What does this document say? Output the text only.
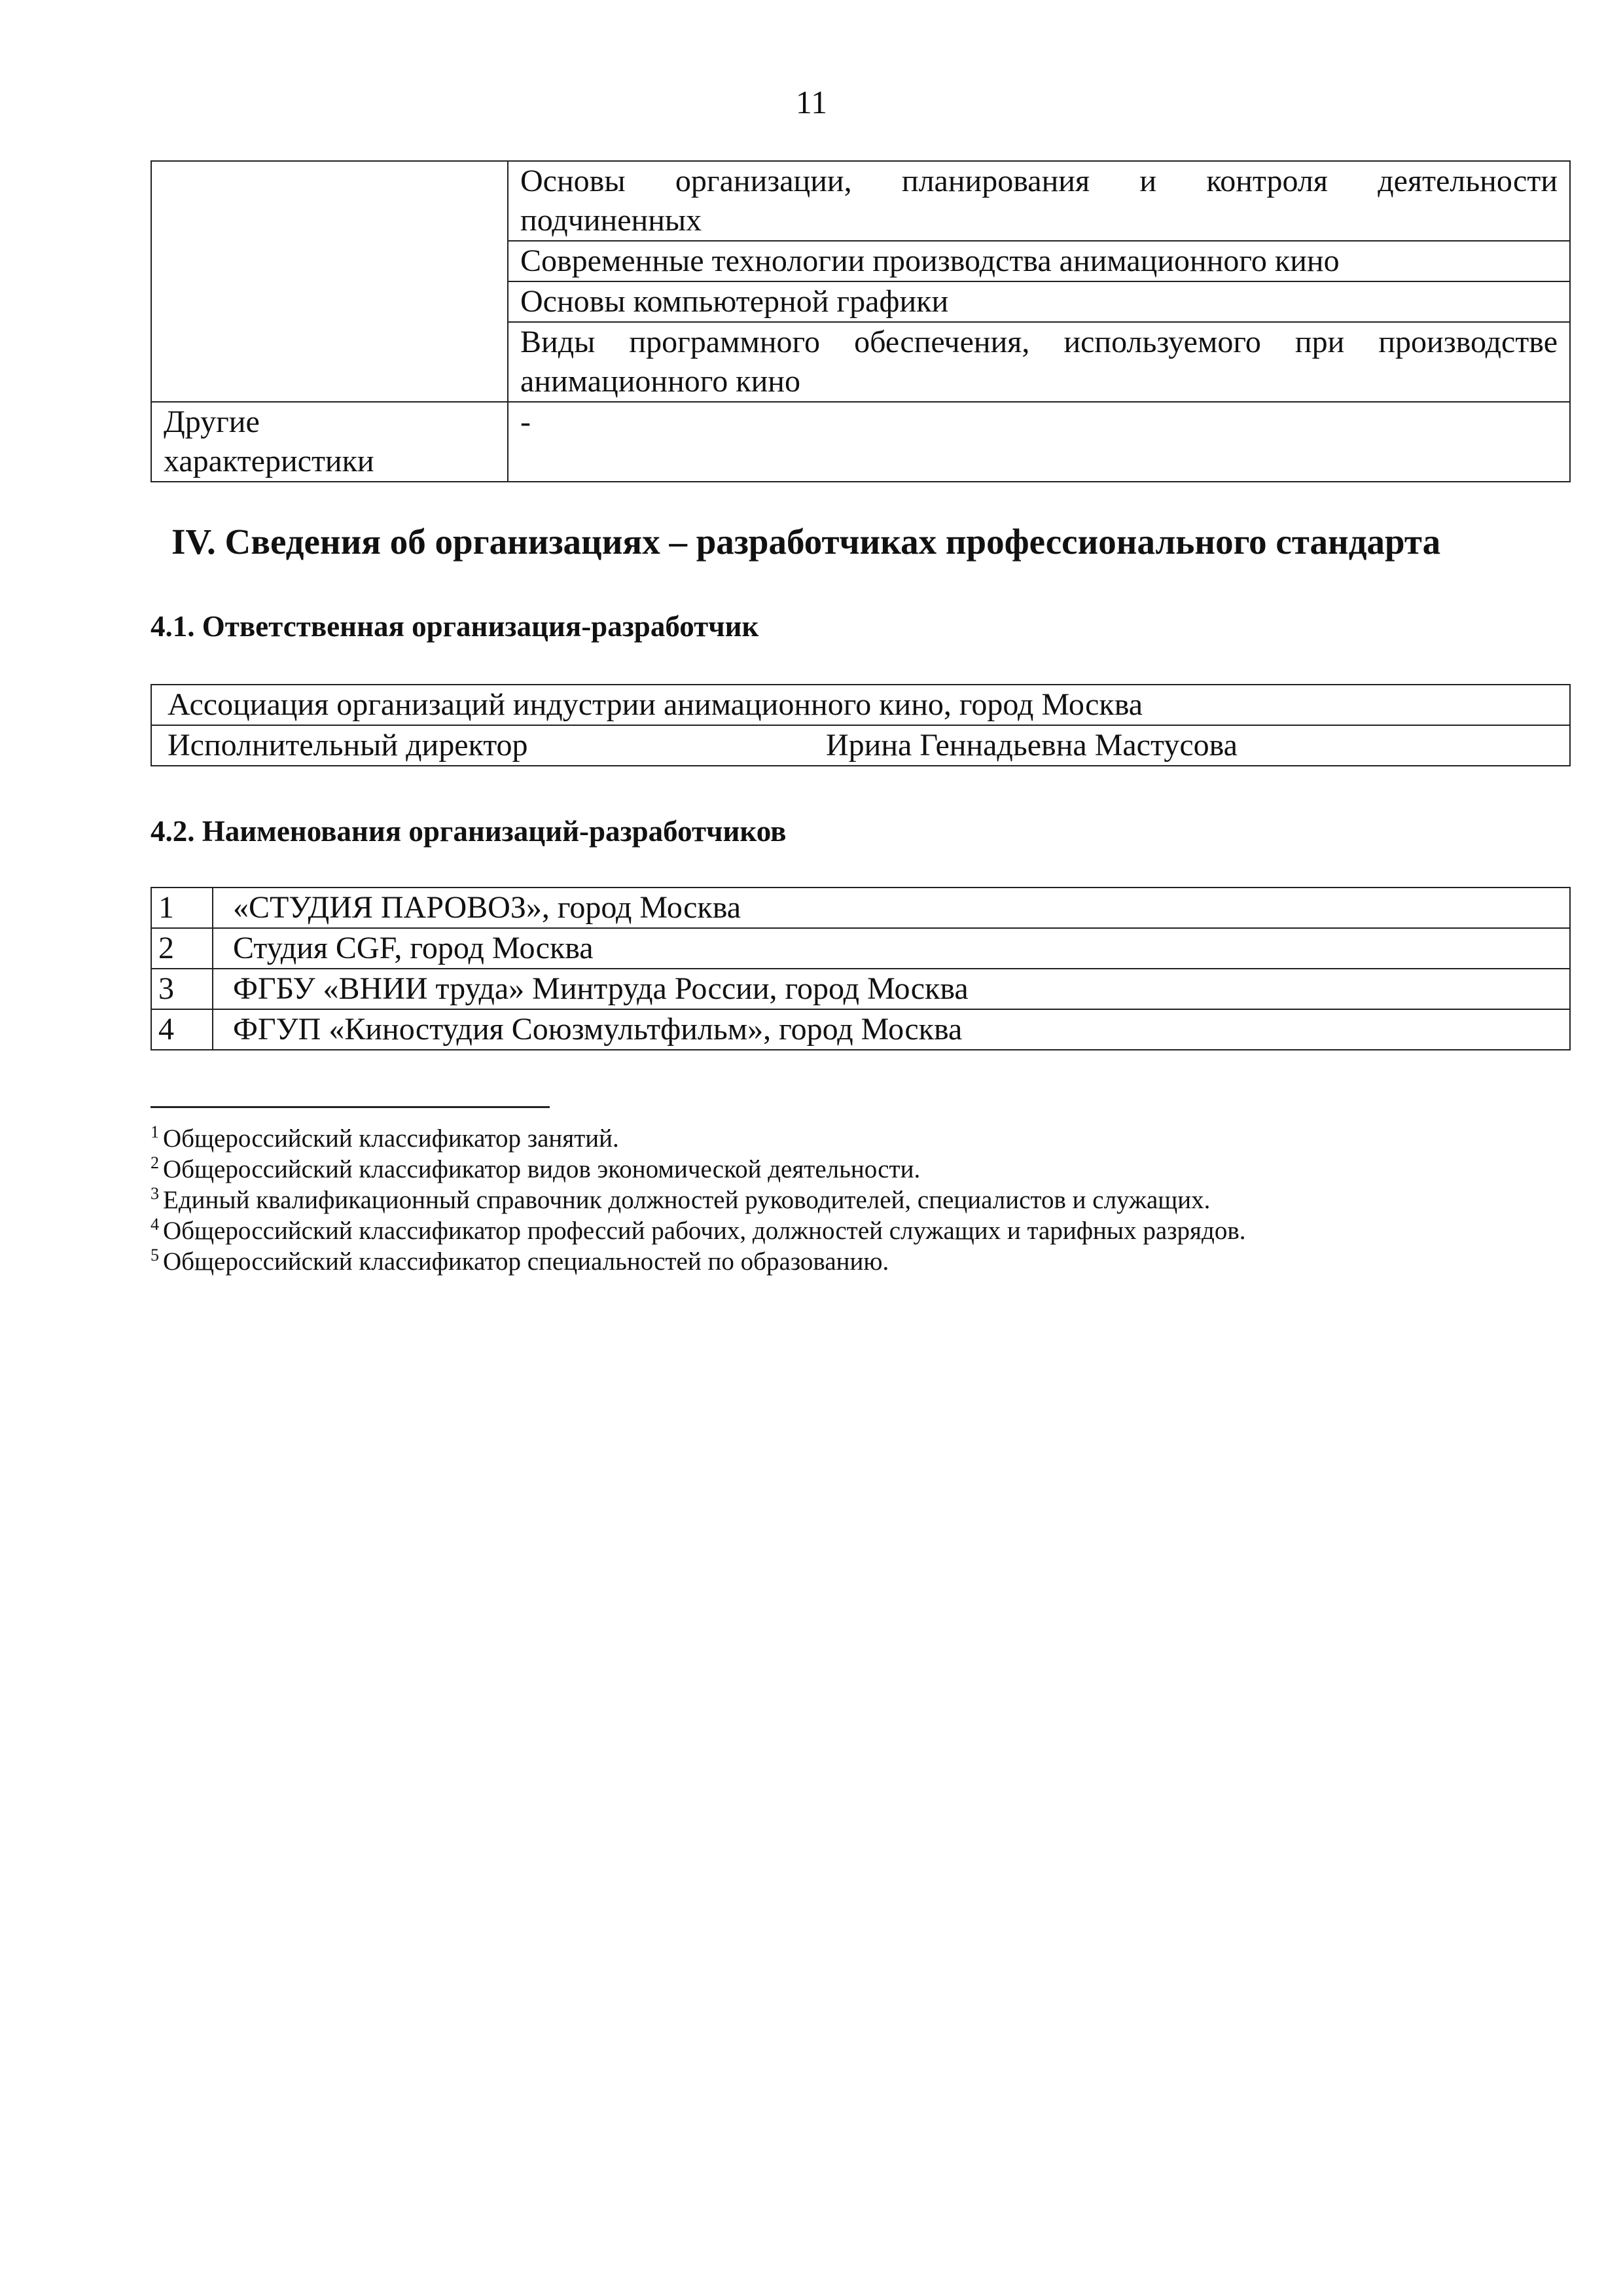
11

	Основы организации, планирования и контроля деятельности
подчиненных
	Современные технологии производства анимационного кино
	Основы компьютерной графики

	Виды программного обеспечения, используемого при производстве
анимационного кино

Другие
характеристики	-
IV. Сведения об организациях – разработчиках профессионального стандарта
4.1. Ответственная организация-разработчик
Ассоциация организаций индустрии анимационного кино, город Москва
Исполнительный директор	Ирина Геннадьевна Мастусова
4.2. Наименования организаций-разработчиков
1	«СТУДИЯ ПАРОВОЗ», город Москва
2	Студия CGF, город Москва
3	ФГБУ «ВНИИ труда» Минтруда России, город Москва
4	ФГУП «Киностудия Союзмультфильм», город Москва
$^1$ Общероссийский классификатор занятий.
$^2$ Общероссийский классификатор видов экономической деятельности.
$^3$ Единый квалификационный справочник должностей руководителей, специалистов и служащих.
$^4$ Общероссийский классификатор профессий рабочих, должностей служащих и тарифных разрядов.
$^5$ Общероссийский классификатор специальностей по образованию.
